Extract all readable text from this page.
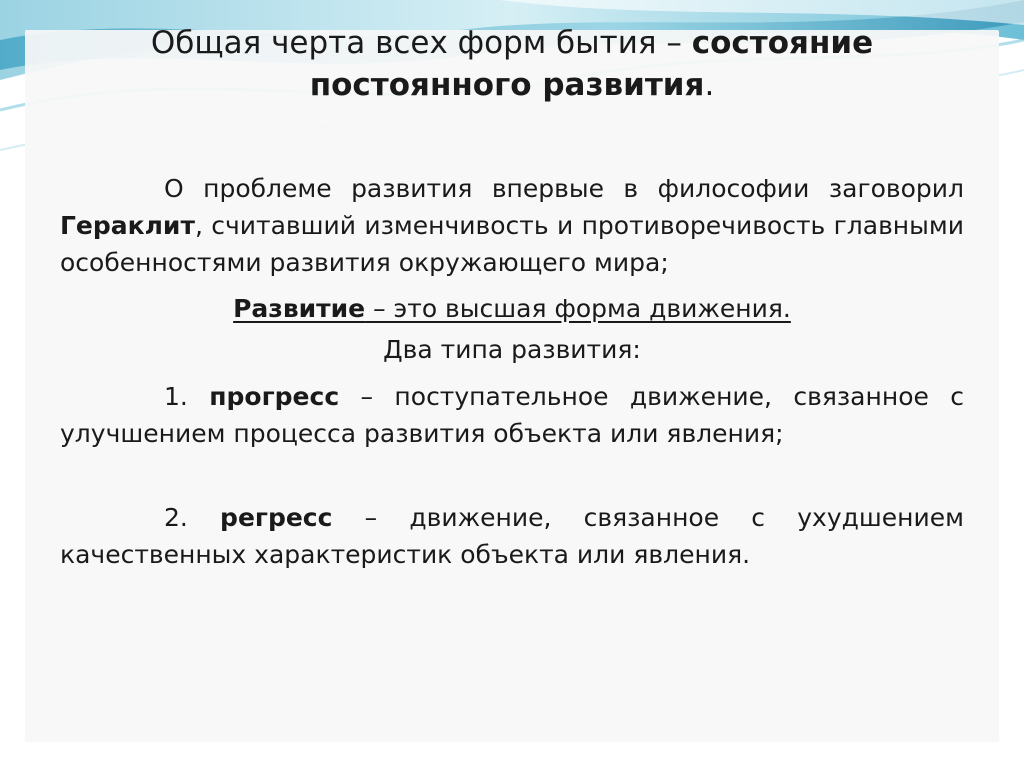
Общая черта всех форм бытия – состояние постоянного развития.

О проблеме развития впервые в философии заговорил Гераклит, считавший изменчивость и противоречивость главными особенностями развития окружающего мира;

Развитие – это высшая форма движения.

Два типа развития:

1. прогресс – поступательное движение, связанное с улучшением процесса развития объекта или явления;

2. регресс – движение, связанное с ухудшением качественных характеристик объекта или явления.
